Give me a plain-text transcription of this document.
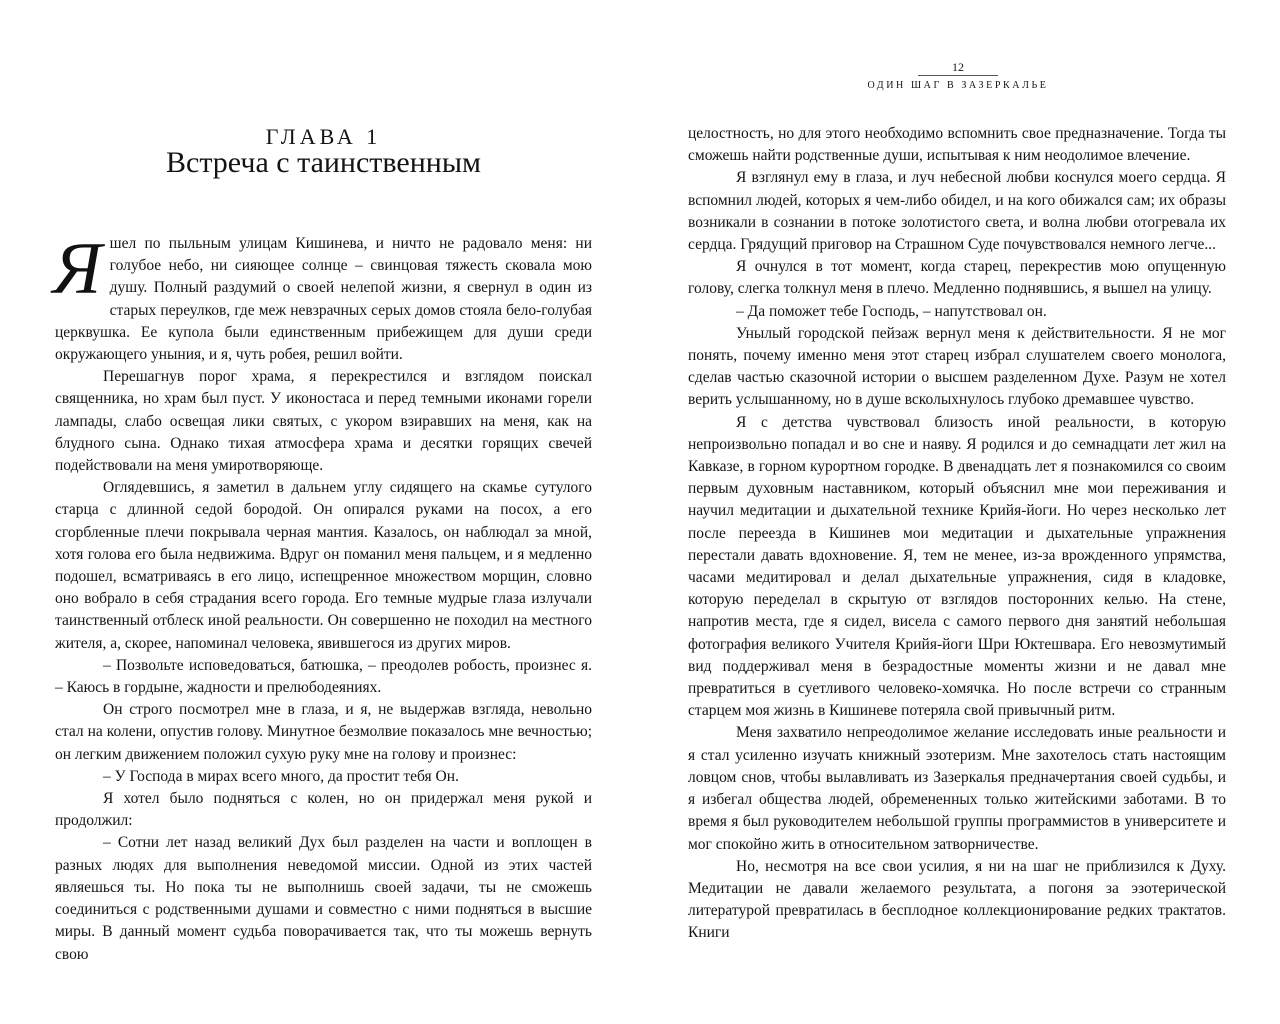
ГЛАВА 1
Встреча с таинственным

Яшел по пыльным улицам Кишинева, и ничто не радовало меня: ни голубое небо, ни сияющее солнце – свинцовая тяжесть сковала мою душу. Полный раздумий о своей нелепой жизни, я свернул в один из старых переулков, где меж невзрачных серых домов стояла бело-голубая церквушка. Ее купола были единственным прибежищем для души среди окружающего уныния, и я, чуть робея, решил войти.

Перешагнув порог храма, я перекрестился и взглядом поискал священника, но храм был пуст. У иконостаса и перед темными иконами горели лампады, слабо освещая лики святых, с укором взиравших на меня, как на блудного сына. Однако тихая атмосфера храма и десятки горящих свечей подействовали на меня умиротворяюще.

Оглядевшись, я заметил в дальнем углу сидящего на скамье сутулого старца с длинной седой бородой. Он опирался руками на посох, а его сгорбленные плечи покрывала черная мантия. Казалось, он наблюдал за мной, хотя голова его была недвижима. Вдруг он поманил меня пальцем, и я медленно подошел, всматриваясь в его лицо, испещренное множеством морщин, словно оно вобрало в себя страдания всего города. Его темные мудрые глаза излучали таинственный отблеск иной реальности. Он совершенно не походил на местного жителя, а, скорее, напоминал человека, явившегося из других миров.

– Позвольте исповедоваться, батюшка, – преодолев робость, произнес я. – Каюсь в гордыне, жадности и прелюбодеяниях.

Он строго посмотрел мне в глаза, и я, не выдержав взгляда, невольно стал на колени, опустив голову. Минутное безмолвие показалось мне вечностью; он легким движением положил сухую руку мне на голову и произнес:

– У Господа в мирах всего много, да простит тебя Он.

Я хотел было подняться с колен, но он придержал меня рукой и продолжил:

– Сотни лет назад великий Дух был разделен на части и воплощен в разных людях для выполнения неведомой миссии. Одной из этих частей являешься ты. Но пока ты не выполнишь своей задачи, ты не сможешь соединиться с родственными душами и совместно с ними подняться в высшие миры. В данный момент судьба поворачивается так, что ты можешь вернуть свою

12
ОДИН ШАГ В ЗАЗЕРКАЛЬЕ

целостность, но для этого необходимо вспомнить свое предназначение. Тогда ты сможешь найти родственные души, испытывая к ним неодолимое влечение.

Я взглянул ему в глаза, и луч небесной любви коснулся моего сердца. Я вспомнил людей, которых я чем-либо обидел, и на кого обижался сам; их образы возникали в сознании в потоке золотистого света, и волна любви отогревала их сердца. Грядущий приговор на Страшном Суде почувствовался немного легче...

Я очнулся в тот момент, когда старец, перекрестив мою опущенную голову, слегка толкнул меня в плечо. Медленно поднявшись, я вышел на улицу.

– Да поможет тебе Господь, – напутствовал он.

Унылый городской пейзаж вернул меня к действительности. Я не мог понять, почему именно меня этот старец избрал слушателем своего монолога, сделав частью сказочной истории о высшем разделенном Духе. Разум не хотел верить услышанному, но в душе всколыхнулось глубоко дремавшее чувство.

Я с детства чувствовал близость иной реальности, в которую непроизвольно попадал и во сне и наяву. Я родился и до семнадцати лет жил на Кавказе, в горном курортном городке. В двенадцать лет я познакомился со своим первым духовным наставником, который объяснил мне мои переживания и научил медитации и дыхательной технике Крийя-йоги. Но через несколько лет после переезда в Кишинев мои медитации и дыхательные упражнения перестали давать вдохновение. Я, тем не менее, из-за врожденного упрямства, часами медитировал и делал дыхательные упражнения, сидя в кладовке, которую переделал в скрытую от взглядов посторонних келью. На стене, напротив места, где я сидел, висела с самого первого дня занятий небольшая фотография великого Учителя Крийя-йоги Шри Юктешвара. Его невозмутимый вид поддерживал меня в безрадостные моменты жизни и не давал мне превратиться в суетливого человеко-хомячка. Но после встречи со странным старцем моя жизнь в Кишиневе потеряла свой привычный ритм.

Меня захватило непреодолимое желание исследовать иные реальности и я стал усиленно изучать книжный эзотеризм. Мне захотелось стать настоящим ловцом снов, чтобы вылавливать из Зазеркалья предначертания своей судьбы, и я избегал общества людей, обремененных только житейскими заботами. В то время я был руководителем небольшой группы программистов в университете и мог спокойно жить в относительном затворничестве.

Но, несмотря на все свои усилия, я ни на шаг не приблизился к Духу. Медитации не давали желаемого результата, а погоня за эзотерической литературой превратилась в бесплодное коллекционирование редких трактатов. Книги
